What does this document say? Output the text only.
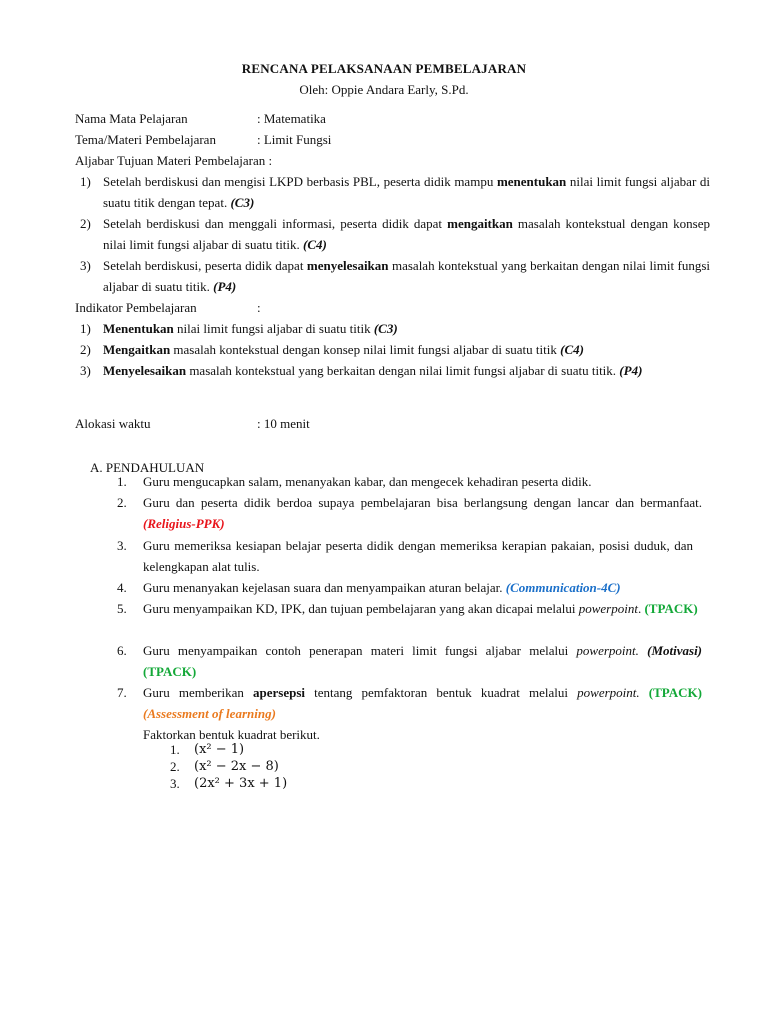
RENCANA PELAKSANAAN PEMBELAJARAN
Oleh: Oppie Andara Early, S.Pd.
Nama Mata Pelajaran	: Matematika
Tema/Materi Pembelajaran	: Limit Fungsi
Aljabar Tujuan Materi Pembelajaran :
1) Setelah berdiskusi dan mengisi LKPD berbasis PBL, peserta didik mampu menentukan nilai limit fungsi aljabar di suatu titik dengan tepat. (C3)
2) Setelah berdiskusi dan menggali informasi, peserta didik dapat mengaitkan masalah kontekstual dengan konsep nilai limit fungsi aljabar di suatu titik. (C4)
3) Setelah berdiskusi, peserta didik dapat menyelesaikan masalah kontekstual yang berkaitan dengan nilai limit fungsi aljabar di suatu titik. (P4)
Indikator Pembelajaran	:
1) Menentukan nilai limit fungsi aljabar di suatu titik (C3)
2) Mengaitkan masalah kontekstual dengan konsep nilai limit fungsi aljabar di suatu titik (C4)
3) Menyelesaikan masalah kontekstual yang berkaitan dengan nilai limit fungsi aljabar di suatu titik. (P4)
Alokasi waktu	: 10 menit
A. PENDAHULUAN
1. Guru mengucapkan salam, menanyakan kabar, dan mengecek kehadiran peserta didik.
2. Guru dan peserta didik berdoa supaya pembelajaran bisa berlangsung dengan lancar dan bermanfaat. (Religius-PPK)
3. Guru memeriksa kesiapan belajar peserta didik dengan memeriksa kerapian pakaian, posisi duduk, dan kelengkapan alat tulis.
4. Guru menanyakan kejelasan suara dan menyampaikan aturan belajar. (Communication-4C)
5. Guru menyampaikan KD, IPK, dan tujuan pembelajaran yang akan dicapai melalui powerpoint. (TPACK)
6. Guru menyampaikan contoh penerapan materi limit fungsi aljabar melalui powerpoint. (Motivasi) (TPACK)
7. Guru memberikan apersepsi tentang pemfaktoran bentuk kuadrat melalui powerpoint. (TPACK) (Assessment of learning)
Faktorkan bentuk kuadrat berikut.
1. (x² − 1)
2. (x² − 2x − 8)
3. (2x² + 3x + 1)
